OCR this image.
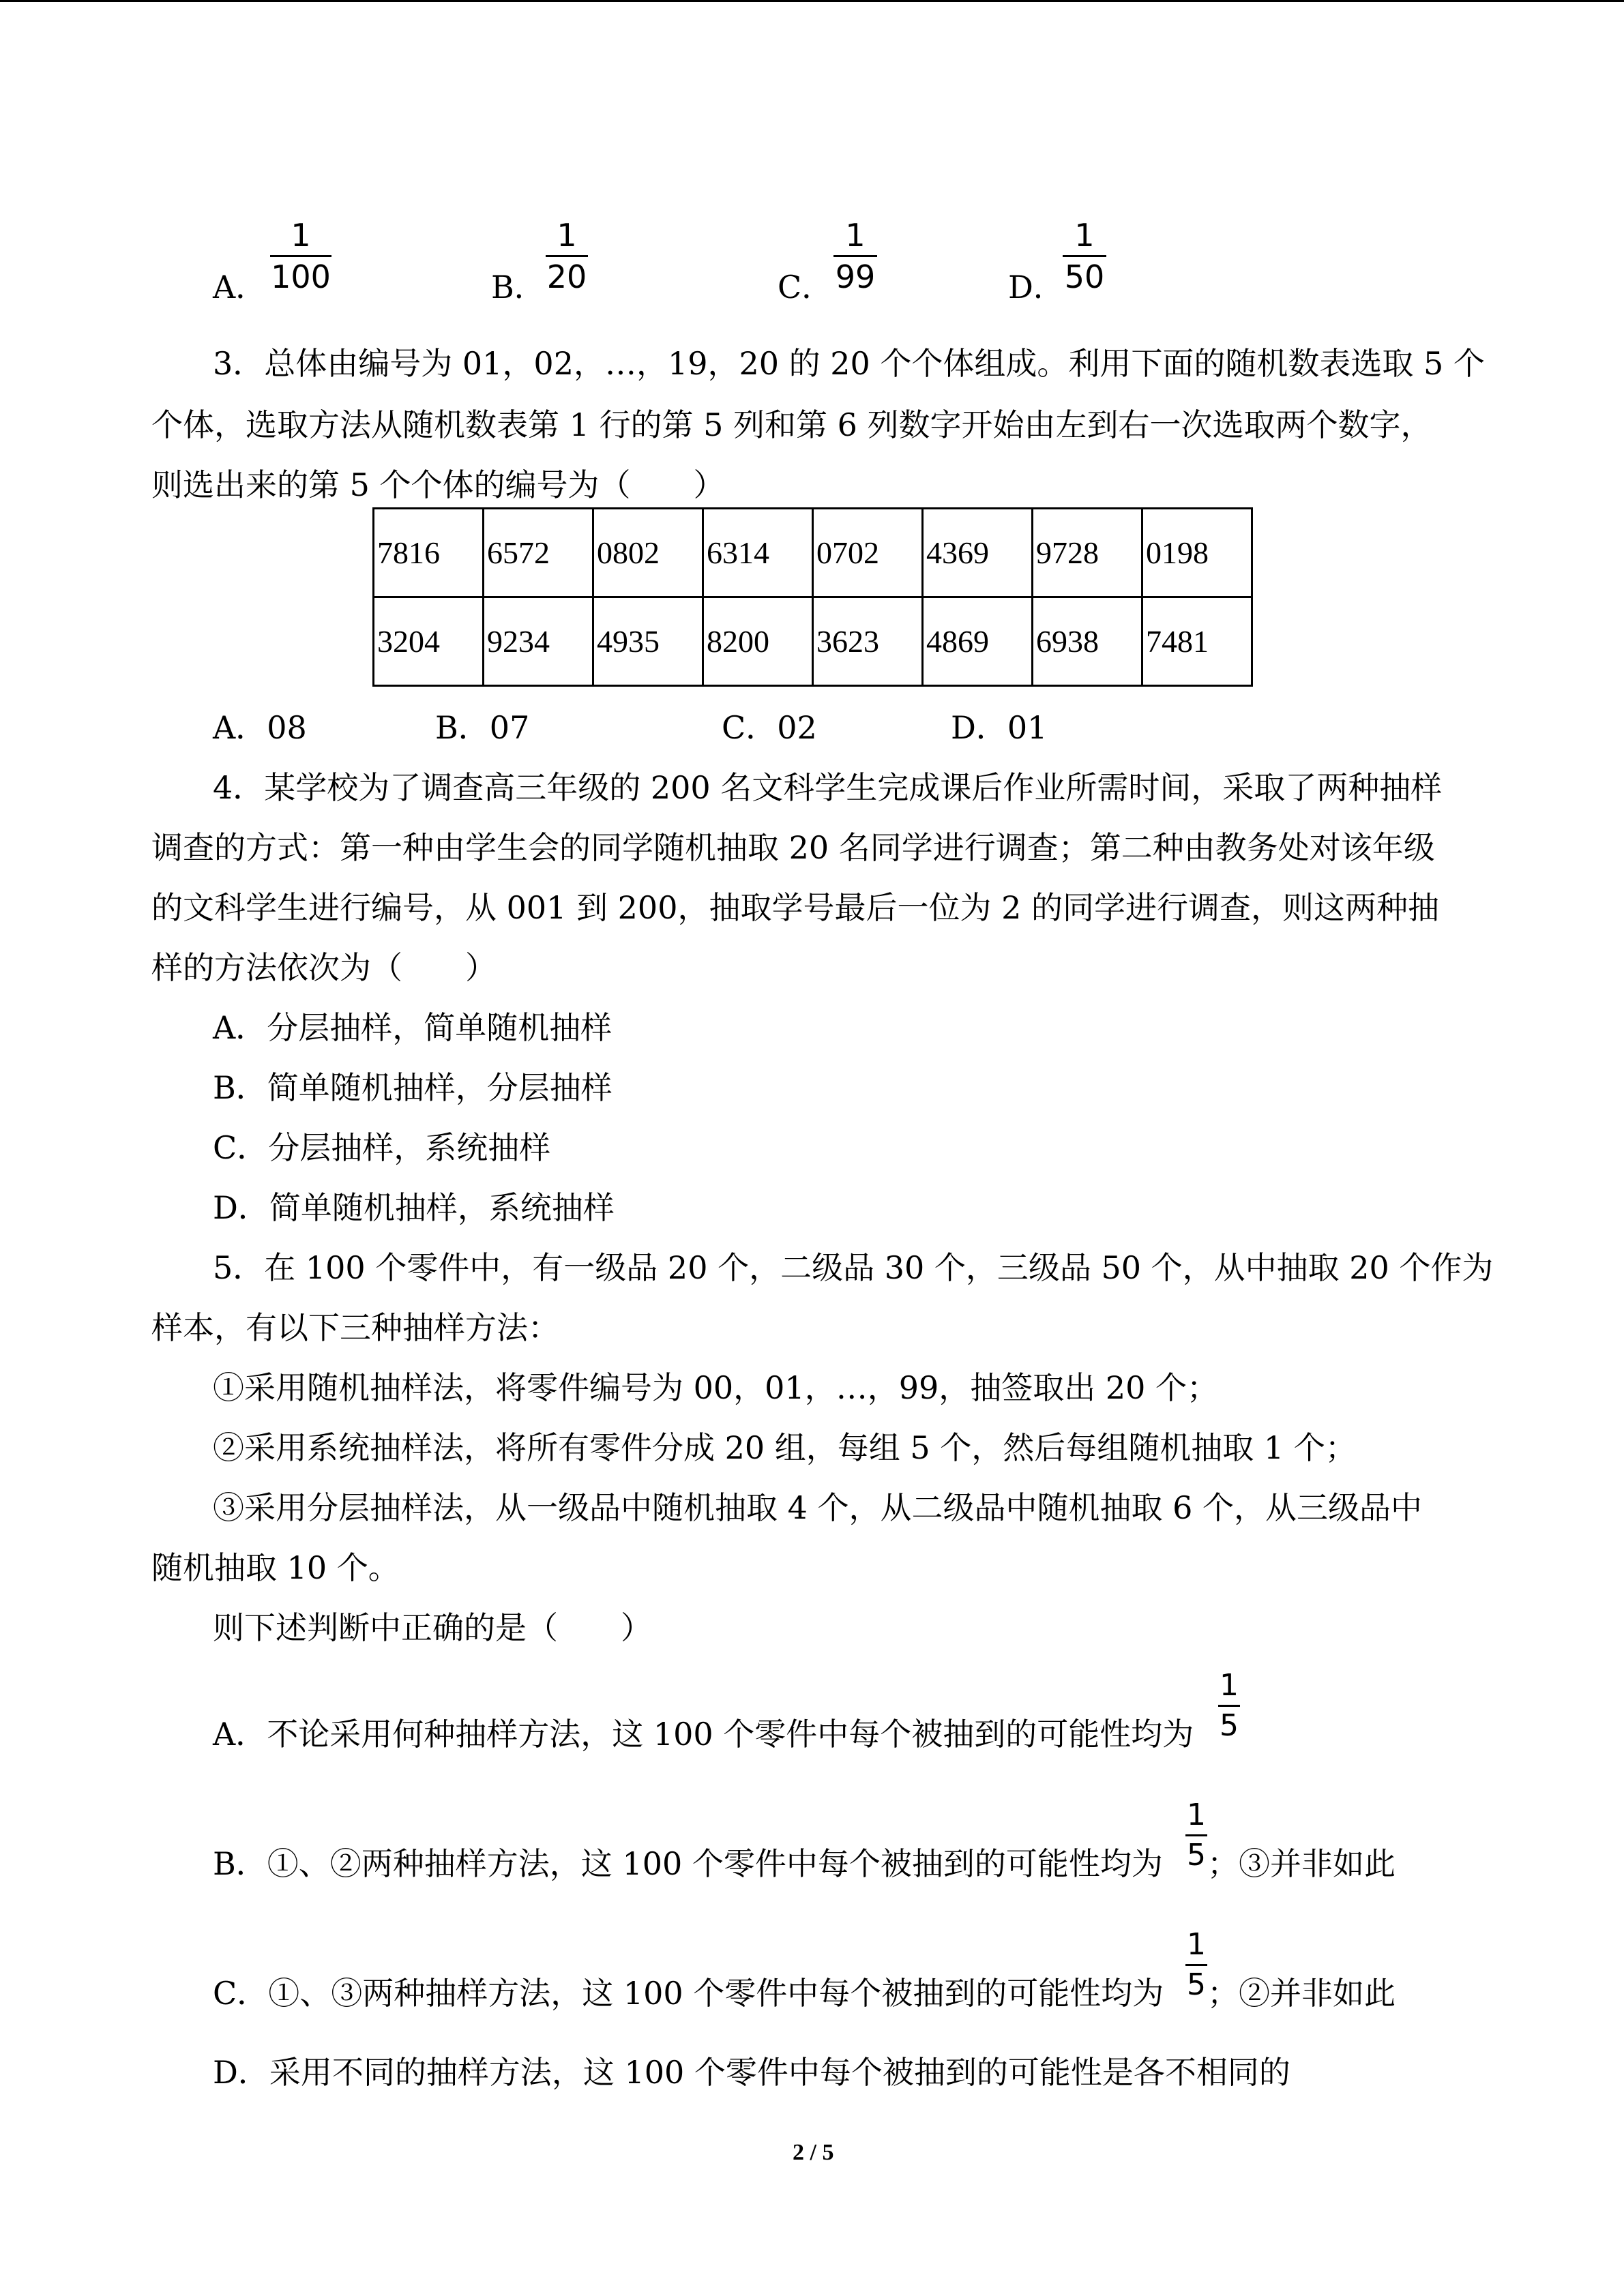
A．
1
100	B．
1
20	C．
1
99	D．
1
50
3．总体由编号为 01，02，…，19，20 的 20 个个体组成。利用下面的随机数表选取 5 个
个体，选取方法从随机数表第 1 行的第 5 列和第 6 列数字开始由左到右一次选取两个数字，
则选出来的第 5 个个体的编号为（　　）
7816	6572	0802	6314	0702	4369	9728	0198
3204	9234	4935	8200	3623	4869	6938	7481
A．08	B．07	C．02	D．01
4．某学校为了调查高三年级的 200 名文科学生完成课后作业所需时间，采取了两种抽样
调查的方式：第一种由学生会的同学随机抽取 20 名同学进行调查；第二种由教务处对该年级
的文科学生进行编号，从 001 到 200，抽取学号最后一位为 2 的同学进行调查，则这两种抽
样的方法依次为（　　）
A．分层抽样，简单随机抽样
B．简单随机抽样，分层抽样
C．分层抽样，系统抽样
D．简单随机抽样，系统抽样
5．在 100 个零件中，有一级品 20 个，二级品 30 个，三级品 50 个，从中抽取 20 个作为
样本，有以下三种抽样方法：
①采用随机抽样法，将零件编号为 00，01，…，99，抽签取出 20 个；
②采用系统抽样法，将所有零件分成 20 组，每组 5 个，然后每组随机抽取 1 个；
③采用分层抽样法，从一级品中随机抽取 4 个，从二级品中随机抽取 6 个，从三级品中
随机抽取 10 个。
则下述判断中正确的是（　　）
A．不论采用何种抽样方法，这 100 个零件中每个被抽到的可能性均为
1
5
B．①、②两种抽样方法，这 100 个零件中每个被抽到的可能性均为
1
5 ；③并非如此
C．①、③两种抽样方法，这 100 个零件中每个被抽到的可能性均为
1
5 ；②并非如此
D．采用不同的抽样方法，这 100 个零件中每个被抽到的可能性是各不相同的
2 / 5
